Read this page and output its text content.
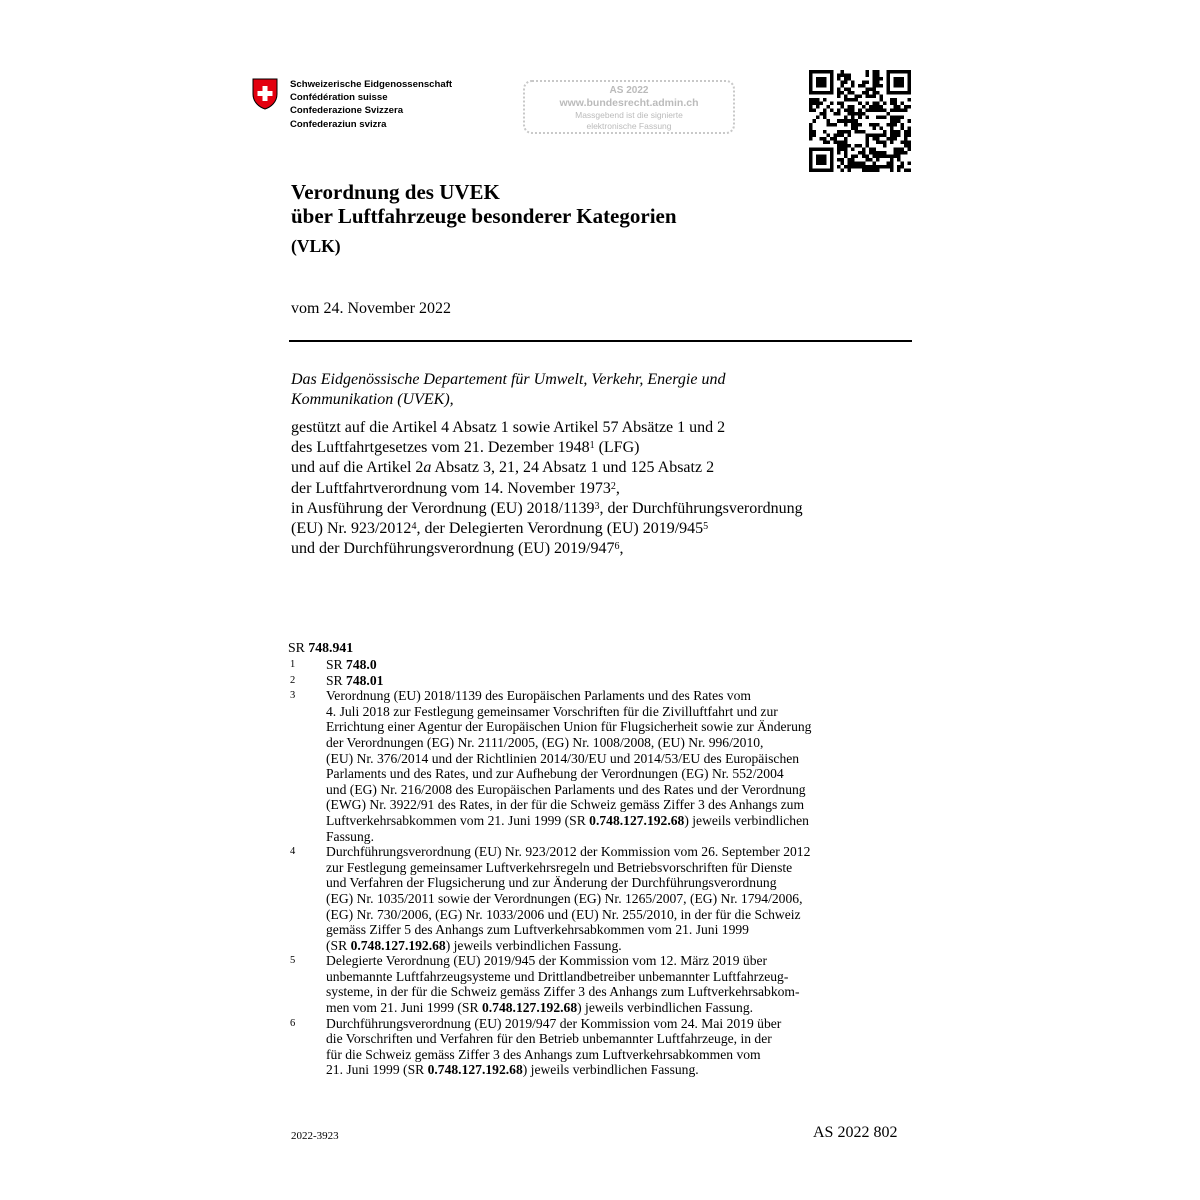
Schweizerische Eidgenossenschaft
Confédération suisse
Confederazione Svizzera
Confederaziun svizra
AS 2022
www.bundesrecht.admin.ch
Massgebend ist die signierte
elektronische Fassung
Verordnung des UVEK
über Luftfahrzeuge besonderer Kategorien
(VLK)
vom 24. November 2022
Das Eidgenössische Departement für Umwelt, Verkehr, Energie und
Kommunikation (UVEK),
gestützt auf die Artikel 4 Absatz 1 sowie Artikel 57 Absätze 1 und 2
des Luftfahrtgesetzes vom 21. Dezember 1948$^1$ (LFG)
und auf die Artikel 2a Absatz 3, 21, 24 Absatz 1 und 125 Absatz 2
der Luftfahrtverordnung vom 14. November 1973$^2$,
in Ausführung der Verordnung (EU) 2018/1139$^3$, der Durchführungsverordnung
(EU) Nr. 923/2012$^4$, der Delegierten Verordnung (EU) $2019/945^5$
und der Durchführungsverordnung (EU) $2019/947^6$,
SR 748.941
1	SR 748.0
2	SR 748.01
3	Verordnung (EU) 2018/1139 des Europäischen Parlaments und des Rates vom
4. Juli 2018 zur Festlegung gemeinsamer Vorschriften für die Zivilluftfahrt und zur
Errichtung einer Agentur der Europäischen Union für Flugsicherheit sowie zur Änderung
der Verordnungen (EG) Nr. 2111/2005, (EG) Nr. 1008/2008, (EU) Nr. 996/2010,
(EU) Nr. 376/2014 und der Richtlinien 2014/30/EU und 2014/53/EU des Europäischen
Parlaments und des Rates, und zur Aufhebung der Verordnungen (EG) Nr. 552/2004
und (EG) Nr. 216/2008 des Europäischen Parlaments und des Rates und der Verordnung
(EWG) Nr. 3922/91 des Rates, in der für die Schweiz gemäss Ziffer 3 des Anhangs zum
Luftverkehrsabkommen vom 21. Juni 1999 (SR 0.748.127.192.68) jeweils verbindlichen
Fassung.
4	Durchführungsverordnung (EU) Nr. 923/2012 der Kommission vom 26. September 2012
zur Festlegung gemeinsamer Luftverkehrsregeln und Betriebsvorschriften für Dienste
und Verfahren der Flugsicherung und zur Änderung der Durchführungsverordnung
(EG) Nr. 1035/2011 sowie der Verordnungen (EG) Nr. 1265/2007, (EG) Nr. 1794/2006,
(EG) Nr. 730/2006, (EG) Nr. 1033/2006 und (EU) Nr. 255/2010, in der für die Schweiz
gemäss Ziffer 5 des Anhangs zum Luftverkehrsabkommen vom 21. Juni 1999
(SR 0.748.127.192.68) jeweils verbindlichen Fassung.
5	Delegierte Verordnung (EU) 2019/945 der Kommission vom 12. März 2019 über
unbemannte Luftfahrzeugsysteme und Drittlandbetreiber unbemannter Luftfahrzeug-
systeme, in der für die Schweiz gemäss Ziffer 3 des Anhangs zum Luftverkehrsabkom-
men vom 21. Juni 1999 (SR 0.748.127.192.68) jeweils verbindlichen Fassung.
6	Durchführungsverordnung (EU) 2019/947 der Kommission vom 24. Mai 2019 über
die Vorschriften und Verfahren für den Betrieb unbemannter Luftfahrzeuge, in der
für die Schweiz gemäss Ziffer 3 des Anhangs zum Luftverkehrsabkommen vom
21. Juni 1999 (SR 0.748.127.192.68) jeweils verbindlichen Fassung.
2022-3923	AS 2022 802
